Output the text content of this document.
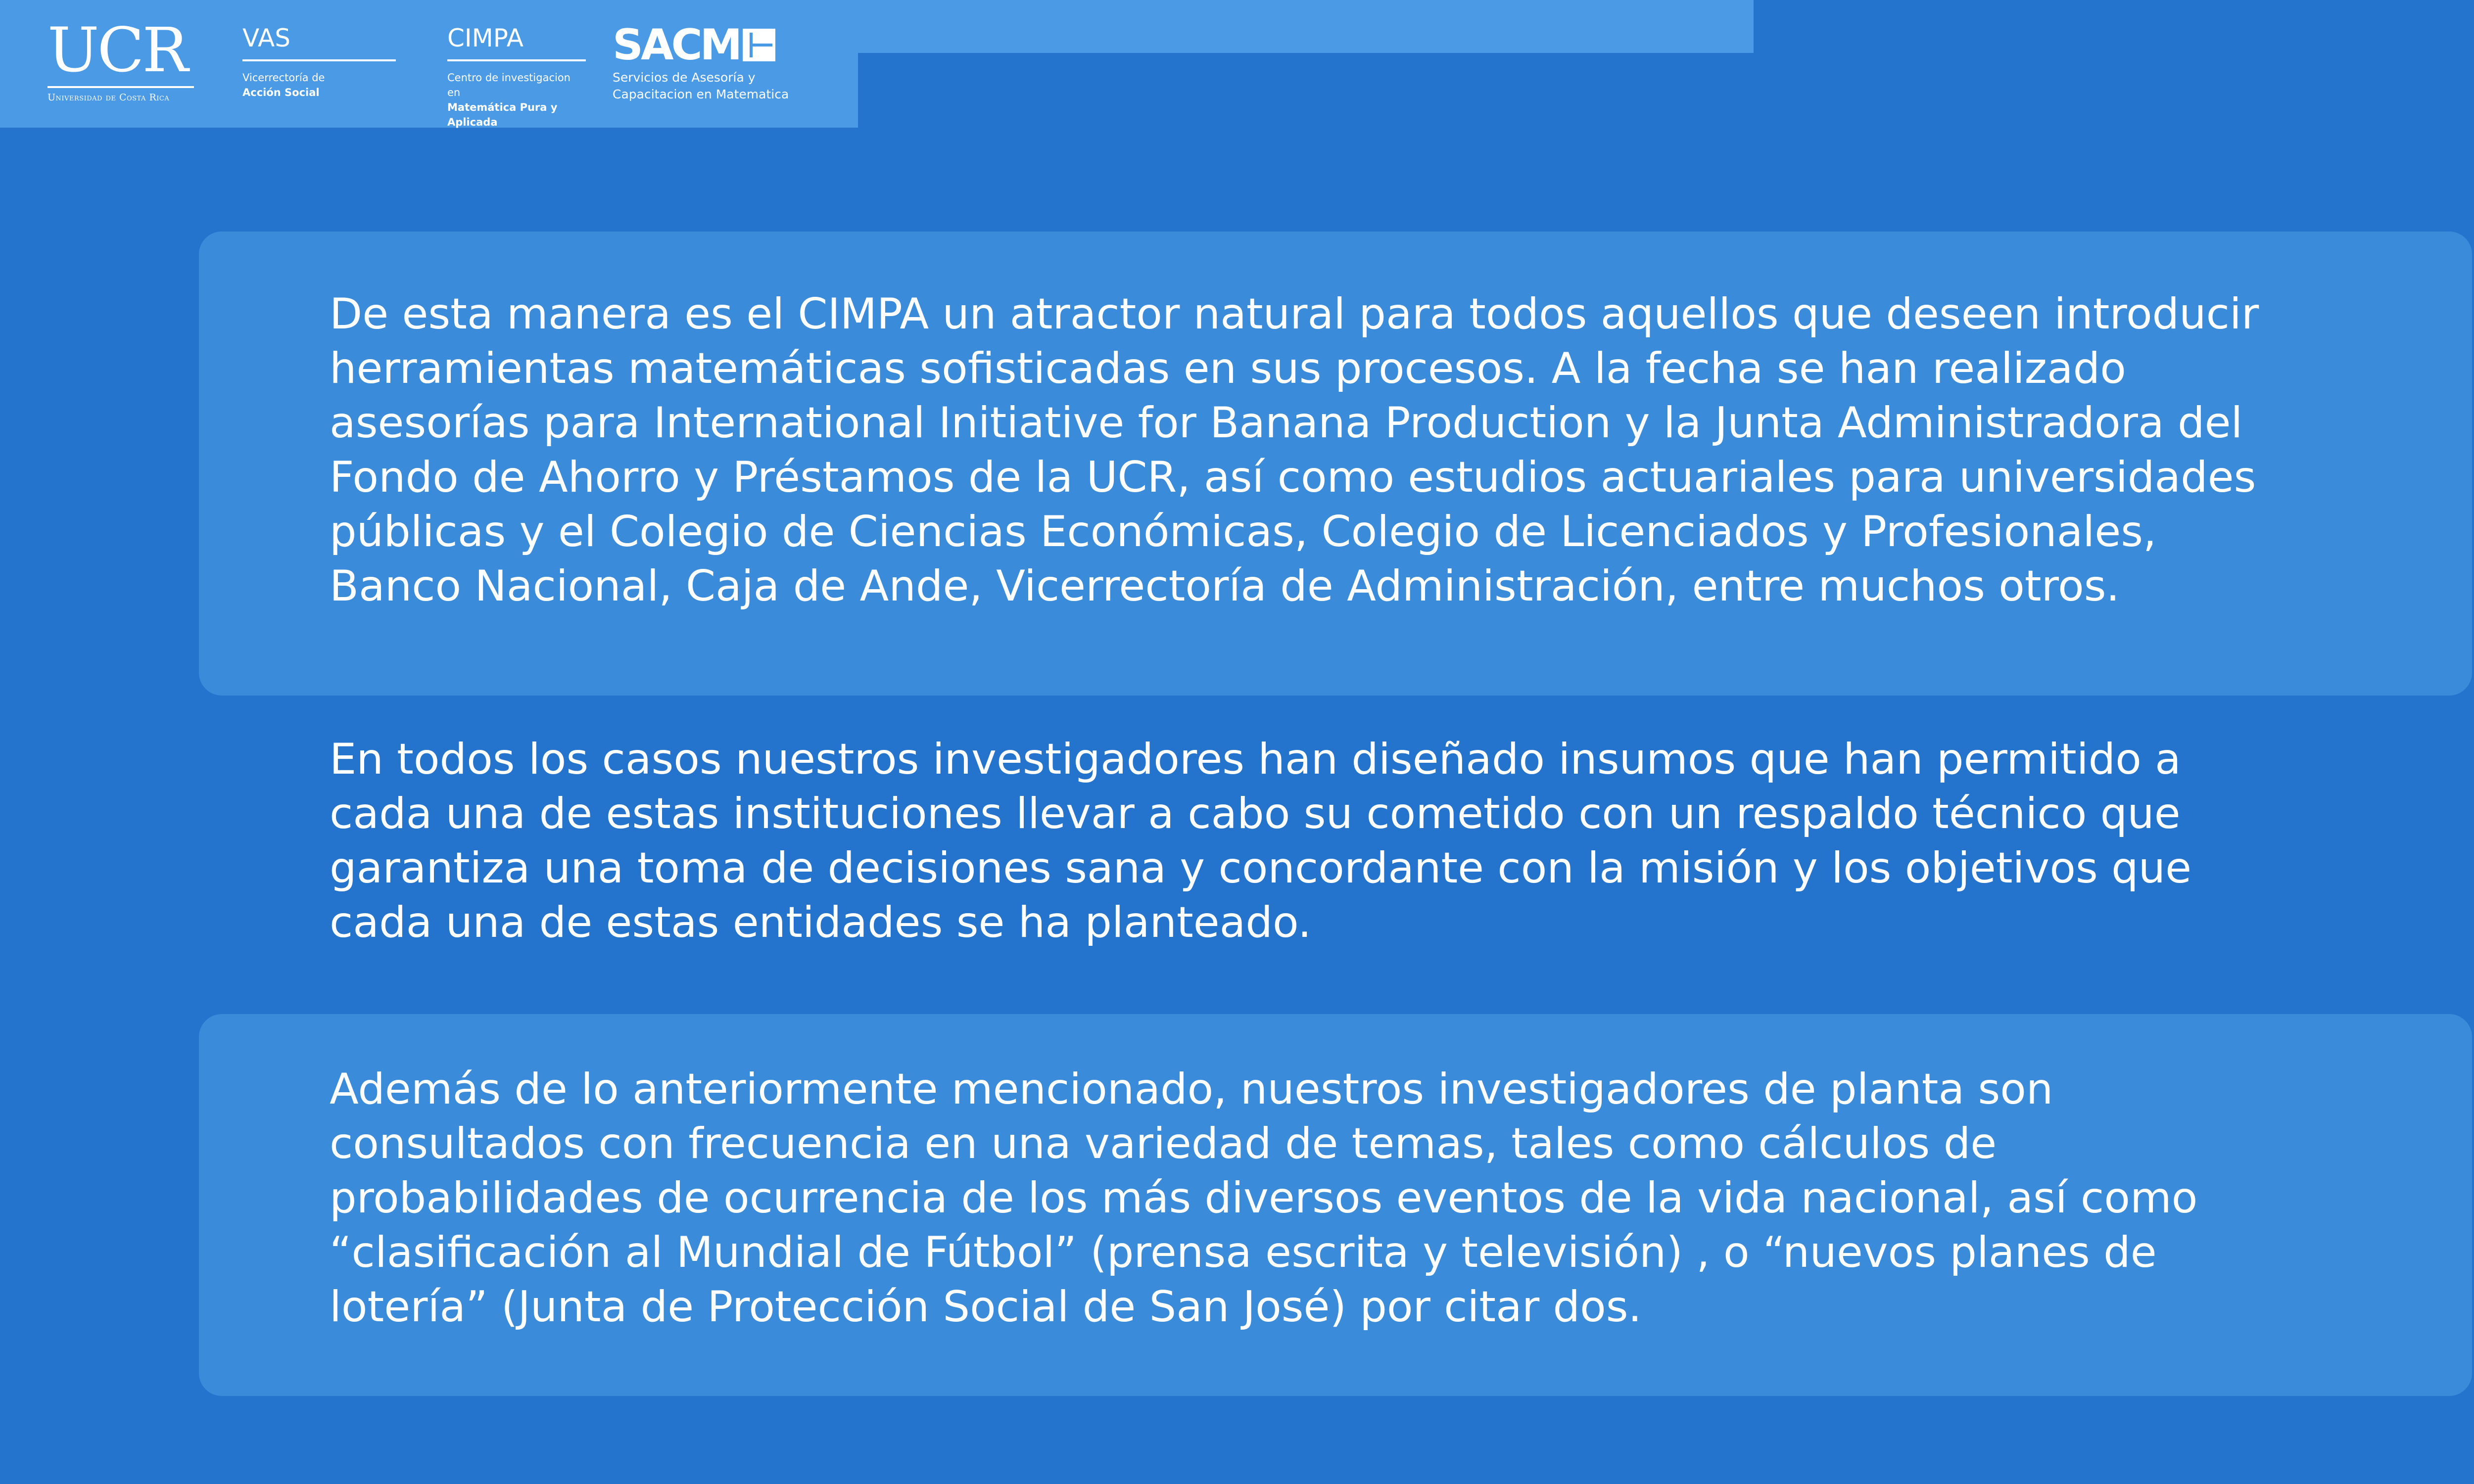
UCR
Universidad de Costa Rica
VAS
Vicerrectoría de
Acción Social
CIMPA
Centro de investigacion en
Matemática Pura y
Aplicada
SACM
Servicios de Asesoría y
Capacitacion en Matematica

De esta manera es el CIMPA un atractor natural para todos aquellos que deseen introducir
herramientas matemáticas sofisticadas en sus procesos. A la fecha se han realizado
asesorías para International Initiative for Banana Production y la Junta Administradora del
Fondo de Ahorro y Préstamos de la UCR, así como estudios actuariales para universidades
públicas y el Colegio de Ciencias Económicas, Colegio de Licenciados y Profesionales,
Banco Nacional, Caja de Ande, Vicerrectoría de Administración, entre muchos otros.

En todos los casos nuestros investigadores han diseñado insumos que han permitido a
cada una de estas instituciones llevar a cabo su cometido con un respaldo técnico que
garantiza una toma de decisiones sana y concordante con la misión y los objetivos que
cada una de estas entidades se ha planteado.

Además de lo anteriormente mencionado, nuestros investigadores de planta son
consultados con frecuencia en una variedad de temas, tales como cálculos de
probabilidades de ocurrencia de los más diversos eventos de la vida nacional, así como
“clasificación al Mundial de Fútbol” (prensa escrita y televisión) , o “nuevos planes de
lotería” (Junta de Protección Social de San José) por citar dos.
